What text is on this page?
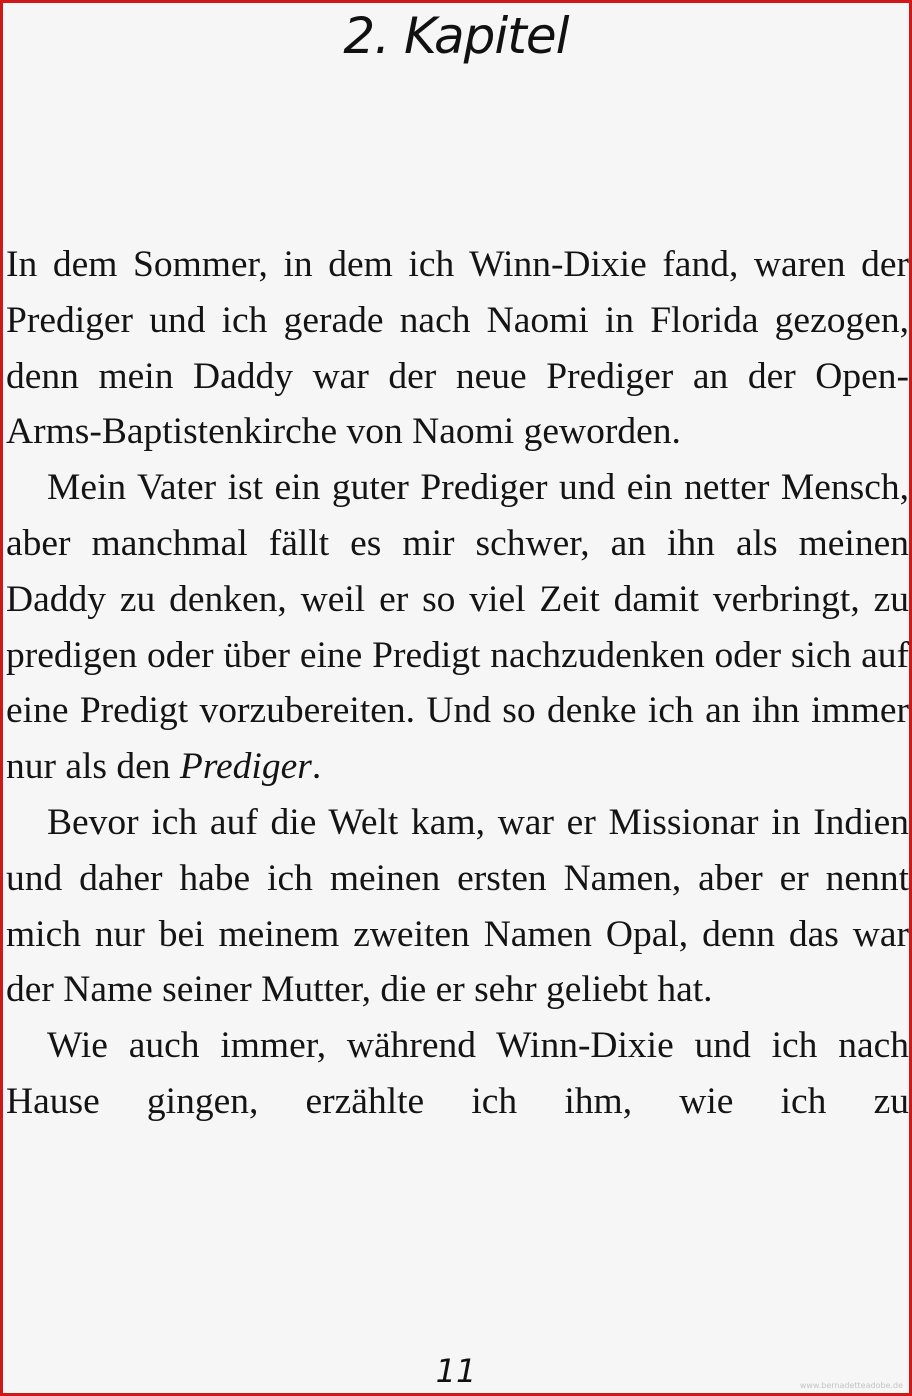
2. Kapitel

In dem Sommer, in dem ich Winn-Dixie fand, waren der Prediger und ich gerade nach Naomi in Florida gezogen, denn mein Daddy war der neue Prediger an der Open-Arms-Baptistenkirche von Naomi geworden.

Mein Vater ist ein guter Prediger und ein netter Mensch, aber manchmal fällt es mir schwer, an ihn als meinen Daddy zu denken, weil er so viel Zeit damit verbringt, zu predigen oder über eine Predigt nachzudenken oder sich auf eine Predigt vorzubereiten. Und so denke ich an ihn immer nur als den Prediger.

Bevor ich auf die Welt kam, war er Missionar in Indien und daher habe ich meinen ersten Namen, aber er nennt mich nur bei meinem zweiten Namen Opal, denn das war der Name seiner Mutter, die er sehr geliebt hat.

Wie auch immer, während Winn-Dixie und ich nach Hause gingen, erzählte ich ihm, wie ich zu

11	www.bernadetteadobe.de
